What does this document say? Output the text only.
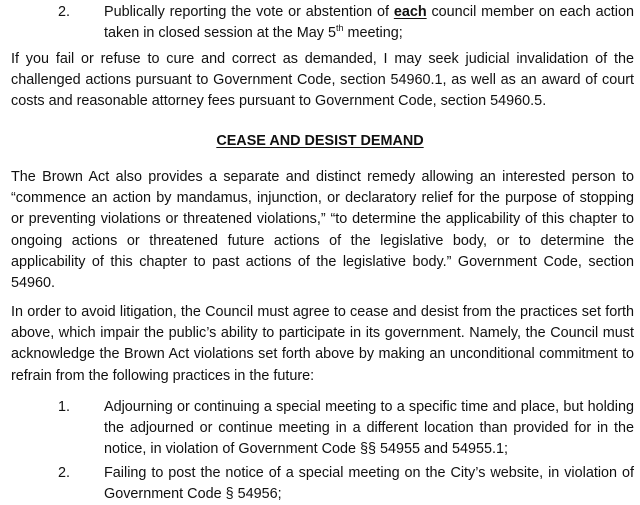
2. Publically reporting the vote or abstention of each council member on each action taken in closed session at the May 5th meeting;

If you fail or refuse to cure and correct as demanded, I may seek judicial invalidation of the challenged actions pursuant to Government Code, section 54960.1, as well as an award of court costs and reasonable attorney fees pursuant to Government Code, section 54960.5.

CEASE AND DESIST DEMAND

The Brown Act also provides a separate and distinct remedy allowing an interested person to “commence an action by mandamus, injunction, or declaratory relief for the purpose of stopping or preventing violations or threatened violations,” “to determine the applicability of this chapter to ongoing actions or threatened future actions of the legislative body, or to determine the applicability of this chapter to past actions of the legislative body.” Government Code, section 54960.

In order to avoid litigation, the Council must agree to cease and desist from the practices set forth above, which impair the public’s ability to participate in its government. Namely, the Council must acknowledge the Brown Act violations set forth above by making an unconditional commitment to refrain from the following practices in the future:

1. Adjourning or continuing a special meeting to a specific time and place, but holding the adjourned or continue meeting in a different location than provided for in the notice, in violation of Government Code §§ 54955 and 54955.1;
2. Failing to post the notice of a special meeting on the City’s website, in violation of Government Code § 54956;
